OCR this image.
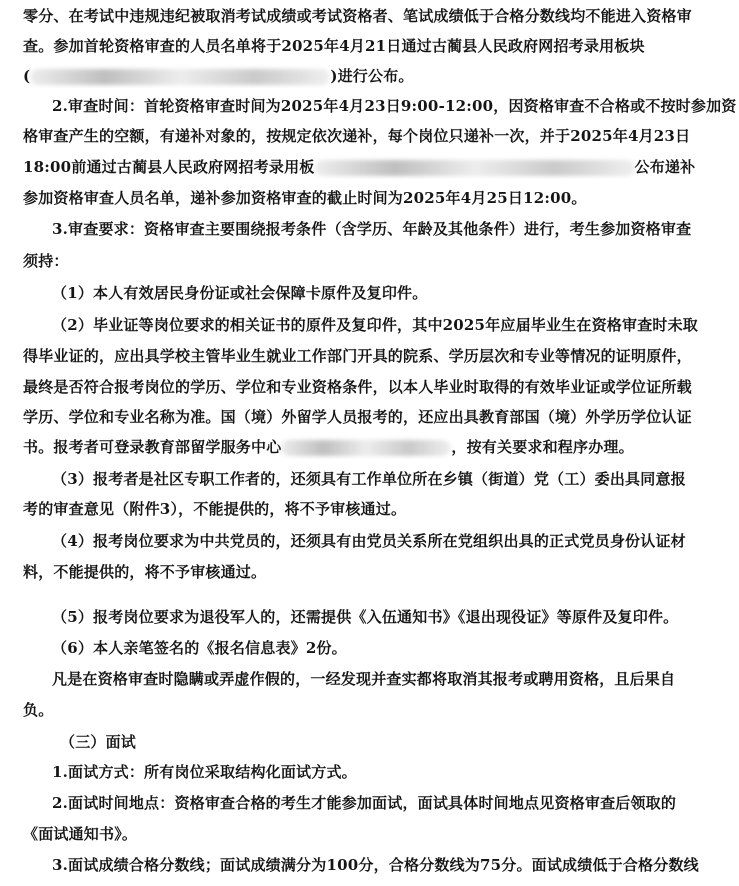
零分、在考试中违规违纪被取消考试成绩或考试资格者、笔试成绩低于合格分数线均不能进入资格审
查。参加首轮资格审查的人员名单将于2025年4月21日通过古蔺县人民政府网招考录用板块
(	)进行公布。
2.审查时间：首轮资格审查时间为2025年4月23日9:00-12:00，因资格审查不合格或不按时参加资
格审查产生的空额，有递补对象的，按规定依次递补，每个岗位只递补一次，并于2025年4月23日
18:00前通过古蔺县人民政府网招考录用板	公布递补
参加资格审查人员名单，递补参加资格审查的截止时间为2025年4月25日12:00。
3.审查要求：资格审查主要围绕报考条件（含学历、年龄及其他条件）进行，考生参加资格审查
须持：
（1）本人有效居民身份证或社会保障卡原件及复印件。
（2）毕业证等岗位要求的相关证书的原件及复印件，其中2025年应届毕业生在资格审查时未取
得毕业证的，应出具学校主管毕业生就业工作部门开具的院系、学历层次和专业等情况的证明原件，
最终是否符合报考岗位的学历、学位和专业资格条件，以本人毕业时取得的有效毕业证或学位证所载
学历、学位和专业名称为准。国（境）外留学人员报考的，还应出具教育部国（境）外学历学位认证
书。报考者可登录教育部留学服务中心	，按有关要求和程序办理。
（3）报考者是社区专职工作者的，还须具有工作单位所在乡镇（街道）党（工）委出具同意报
考的审查意见（附件3），不能提供的，将不予审核通过。
（4）报考岗位要求为中共党员的，还须具有由党员关系所在党组织出具的正式党员身份认证材
料，不能提供的，将不予审核通过。
（5）报考岗位要求为退役军人的，还需提供《入伍通知书》《退出现役证》等原件及复印件。
（6）本人亲笔签名的《报名信息表》2份。
凡是在资格审查时隐瞒或弄虚作假的，一经发现并查实都将取消其报考或聘用资格，且后果自
负。
（三）面试
1.面试方式：所有岗位采取结构化面试方式。
2.面试时间地点：资格审查合格的考生才能参加面试，面试具体时间地点见资格审查后领取的
《面试通知书》。
3.面试成绩合格分数线；面试成绩满分为100分，合格分数线为75分。面试成绩低于合格分数线
